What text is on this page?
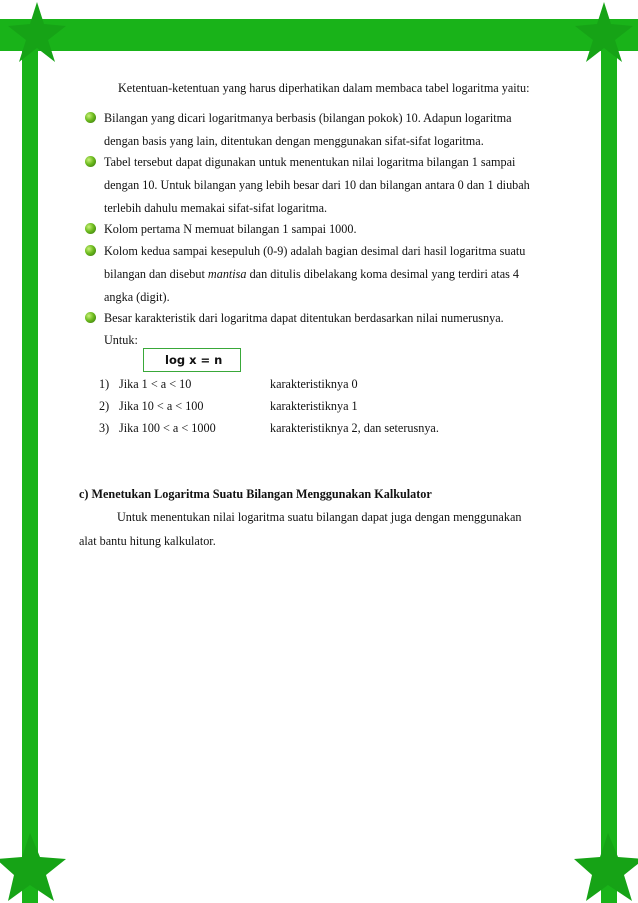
Ketentuan-ketentuan yang harus diperhatikan dalam membaca tabel logaritma yaitu:
Bilangan yang dicari logaritmanya berbasis (bilangan pokok) 10. Adapun logaritma
dengan basis yang lain, ditentukan dengan menggunakan sifat-sifat logaritma.
Tabel tersebut dapat digunakan untuk menentukan nilai logaritma bilangan 1 sampai
dengan 10. Untuk bilangan yang lebih besar dari 10 dan bilangan antara 0 dan 1 diubah
terlebih dahulu memakai sifat-sifat logaritma.
Kolom pertama N memuat bilangan 1 sampai 1000.
Kolom kedua sampai kesepuluh (0-9) adalah bagian desimal dari hasil logaritma suatu
bilangan dan disebut mantisa dan ditulis dibelakang koma desimal yang terdiri atas 4
angka (digit).
Besar karakteristik dari logaritma dapat ditentukan berdasarkan nilai numerusnya.
Untuk:
log x = n
1) Jika 1 < a < 10	karakteristiknya 0
2) Jika 10 < a < 100	karakteristiknya 1
3) Jika 100 < a < 1000	karakteristiknya 2, dan seterusnya.
c) Menetukan Logaritma Suatu Bilangan Menggunakan Kalkulator
Untuk menentukan nilai logaritma suatu bilangan dapat juga dengan menggunakan
alat bantu hitung kalkulator.
